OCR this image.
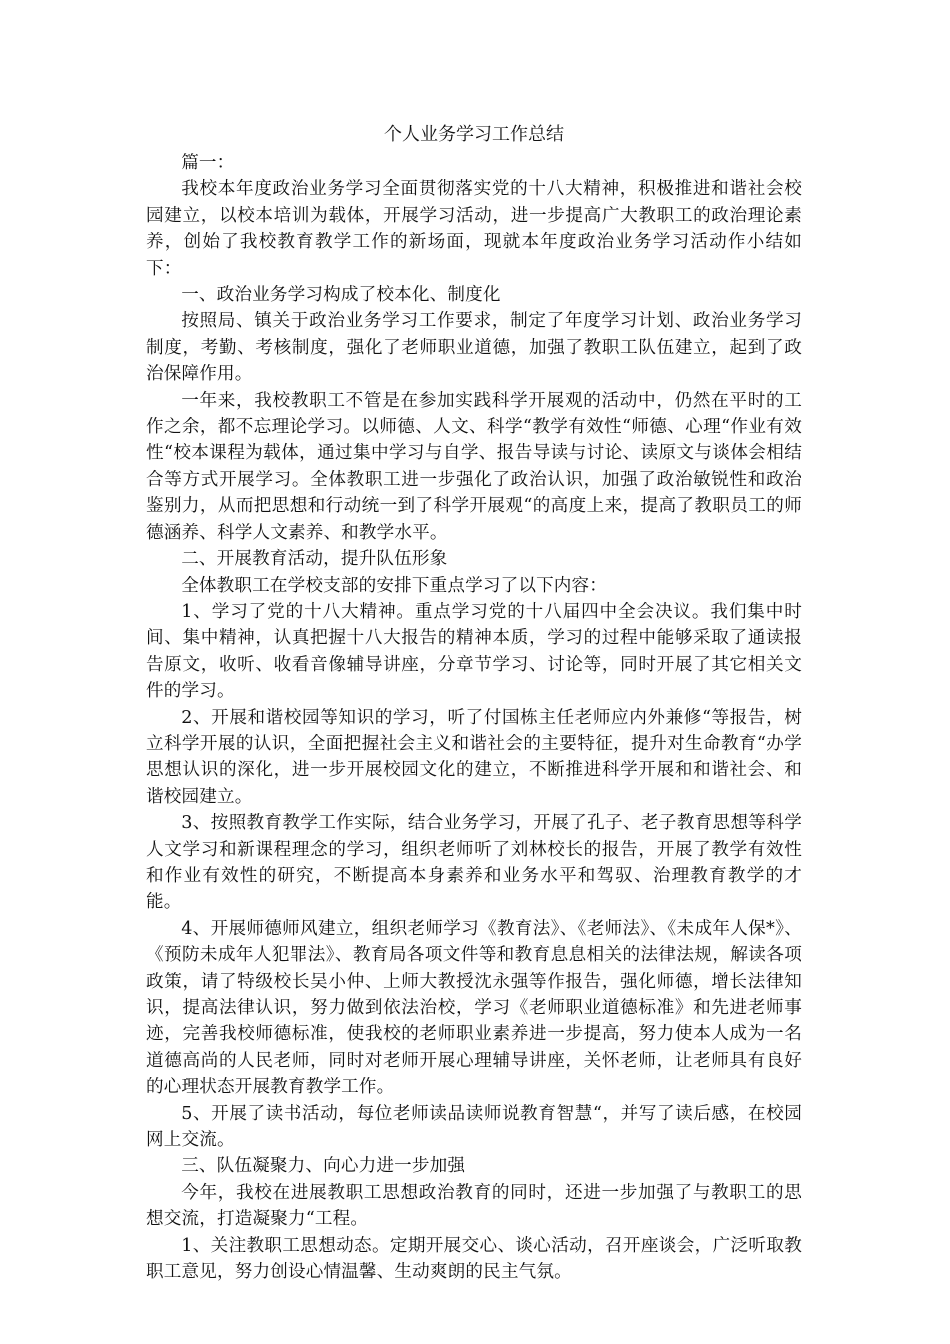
个人业务学习工作总结

篇一：

我校本年度政治业务学习全面贯彻落实党的十八大精神，积极推进和谐社会校园建立，以校本培训为载体，开展学习活动，进一步提高广大教职工的政治理论素养，创始了我校教育教学工作的新场面，现就本年度政治业务学习活动作小结如下：

一、政治业务学习构成了校本化、制度化

按照局、镇关于政治业务学习工作要求，制定了年度学习计划、政治业务学习制度，考勤、考核制度，强化了老师职业道德，加强了教职工队伍建立，起到了政治保障作用。

一年来，我校教职工不管是在参加实践科学开展观的活动中，仍然在平时的工作之余，都不忘理论学习。以师德、人文、科学“教学有效性“师德、心理“作业有效性“校本课程为载体，通过集中学习与自学、报告导读与讨论、读原文与谈体会相结合等方式开展学习。全体教职工进一步强化了政治认识，加强了政治敏锐性和政治鉴别力，从而把思想和行动统一到了科学开展观“的高度上来，提高了教职员工的师德涵养、科学人文素养、和教学水平。

二、开展教育活动，提升队伍形象

全体教职工在学校支部的安排下重点学习了以下内容：

1、学习了党的十八大精神。重点学习党的十八届四中全会决议。我们集中时间、集中精神，认真把握十八大报告的精神本质，学习的过程中能够采取了通读报告原文，收听、收看音像辅导讲座，分章节学习、讨论等，同时开展了其它相关文件的学习。

2、开展和谐校园等知识的学习，听了付国栋主任老师应内外兼修“等报告，树立科学开展的认识，全面把握社会主义和谐社会的主要特征，提升对生命教育“办学思想认识的深化，进一步开展校园文化的建立，不断推进科学开展和和谐社会、和谐校园建立。

3、按照教育教学工作实际，结合业务学习，开展了孔子、老子教育思想等科学人文学习和新课程理念的学习，组织老师听了刘林校长的报告，开展了教学有效性和作业有效性的研究，不断提高本身素养和业务水平和驾驭、治理教育教学的才能。

4、开展师德师风建立，组织老师学习《教育法》、《老师法》、《未成年人保*》、《预防未成年人犯罪法》、教育局各项文件等和教育息息相关的法律法规，解读各项政策，请了特级校长吴小仲、上师大教授沈永强等作报告，强化师德，增长法律知识，提高法律认识，努力做到依法治校，学习《老师职业道德标准》和先进老师事迹，完善我校师德标准，使我校的老师职业素养进一步提高，努力使本人成为一名道德高尚的人民老师，同时对老师开展心理辅导讲座，关怀老师，让老师具有良好的心理状态开展教育教学工作。

5、开展了读书活动，每位老师读品读师说教育智慧“，并写了读后感，在校园网上交流。

三、队伍凝聚力、向心力进一步加强

今年，我校在进展教职工思想政治教育的同时，还进一步加强了与教职工的思想交流，打造凝聚力“工程。

1、关注教职工思想动态。定期开展交心、谈心活动，召开座谈会，广泛听取教职工意见，努力创设心情温馨、生动爽朗的民主气氛。
